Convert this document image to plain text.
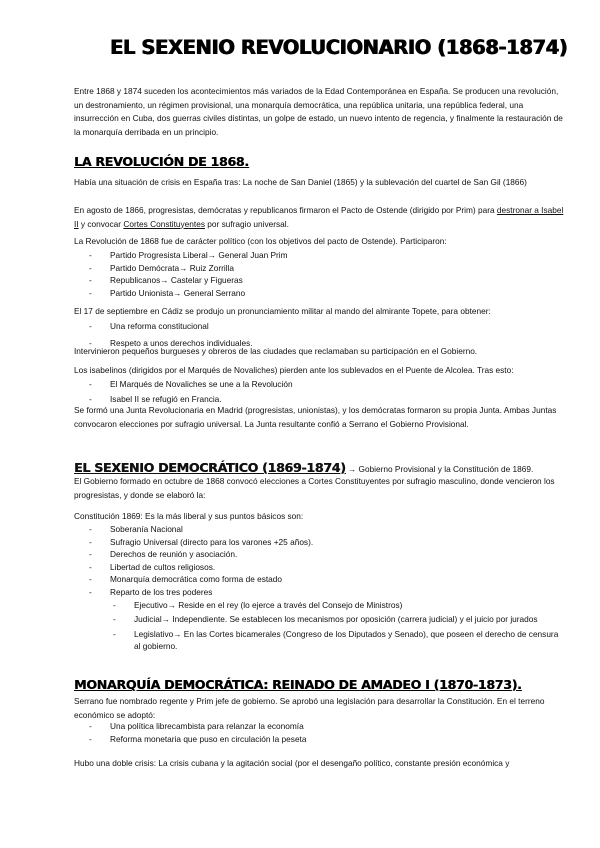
EL SEXENIO REVOLUCIONARIO (1868-1874)
Entre 1868 y 1874 suceden los acontecimientos más variados de la Edad Contemporánea en España. Se producen una revolución, un destronamiento, un régimen provisional, una monarquía democrática, una república unitaria, una república federal, una insurrección en Cuba, dos guerras civiles distintas, un golpe de estado, un nuevo intento de regencia, y finalmente la restauración de la monarquía derribada en un principio.
LA REVOLUCIÓN DE 1868.
Había una situación de crisis en España tras: La noche de San Daniel (1865) y la sublevación del cuartel de San Gil (1866)
En agosto de 1866, progresistas, demócratas y republicanos firmaron el Pacto de Ostende (dirigido por Prim) para destronar a Isabel II y convocar Cortes Constituyentes por sufragio universal.
La Revolución de 1868 fue de carácter político (con los objetivos del pacto de Ostende). Participaron:
- Partido Progresista Liberal→ General Juan Prim
- Partido Demócrata→ Ruiz Zorrilla
- Republicanos→ Castelar y Figueras
- Partido Unionista→ General Serrano
El 17 de septiembre en Cádiz se produjo un pronunciamiento militar al mando del almirante Topete, para obtener:
- Una reforma constitucional
- Respeto a unos derechos individuales.
Intervinieron pequeños burgueses y obreros de las ciudades que reclamaban su participación en el Gobierno.
Los isabelinos (dirigidos por el Marqués de Novaliches) pierden ante los sublevados en el Puente de Alcolea. Tras esto:
- El Marqués de Novaliches se une a la Revolución
- Isabel II se refugió en Francia.
Se formó una Junta Revolucionaria en Madrid (progresistas, unionistas), y los demócratas formaron su propia Junta. Ambas Juntas convocaron elecciones por sufragio universal. La Junta resultante confió a Serrano el Gobierno Provisional.
EL SEXENIO DEMOCRÁTICO (1869-1874) → Gobierno Provisional y la Constitución de 1869.
El Gobierno formado en octubre de 1868 convocó elecciones a Cortes Constituyentes por sufragio masculino, donde vencieron los progresistas, y donde se elaboró la:
Constitución 1869: Es la más liberal y sus puntos básicos son:
- Soberanía Nacional
- Sufragio Universal (directo para los varones +25 años).
- Derechos de reunión y asociación.
- Libertad de cultos religiosos.
- Monarquía democrática como forma de estado
- Reparto de los tres poderes
- Ejecutivo→ Reside en el rey (lo ejerce a través del Consejo de Ministros)
- Judicial→ Independiente. Se establecen los mecanismos por oposición (carrera judicial) y el juicio por jurados
- Legislativo→ En las Cortes bicamerales (Congreso de los Diputados y Senado), que poseen el derecho de censura al gobierno.
MONARQUÍA DEMOCRÁTICA: REINADO DE AMADEO I (1870-1873).
Serrano fue nombrado regente y Prim jefe de gobierno. Se aprobó una legislación para desarrollar la Constitución. En el terreno económico se adoptó:
- Una política librecambista para relanzar la economía
- Reforma monetaria que puso en circulación la peseta
Hubo una doble crisis: La crisis cubana y la agitación social (por el desengaño político, constante presión económica y
